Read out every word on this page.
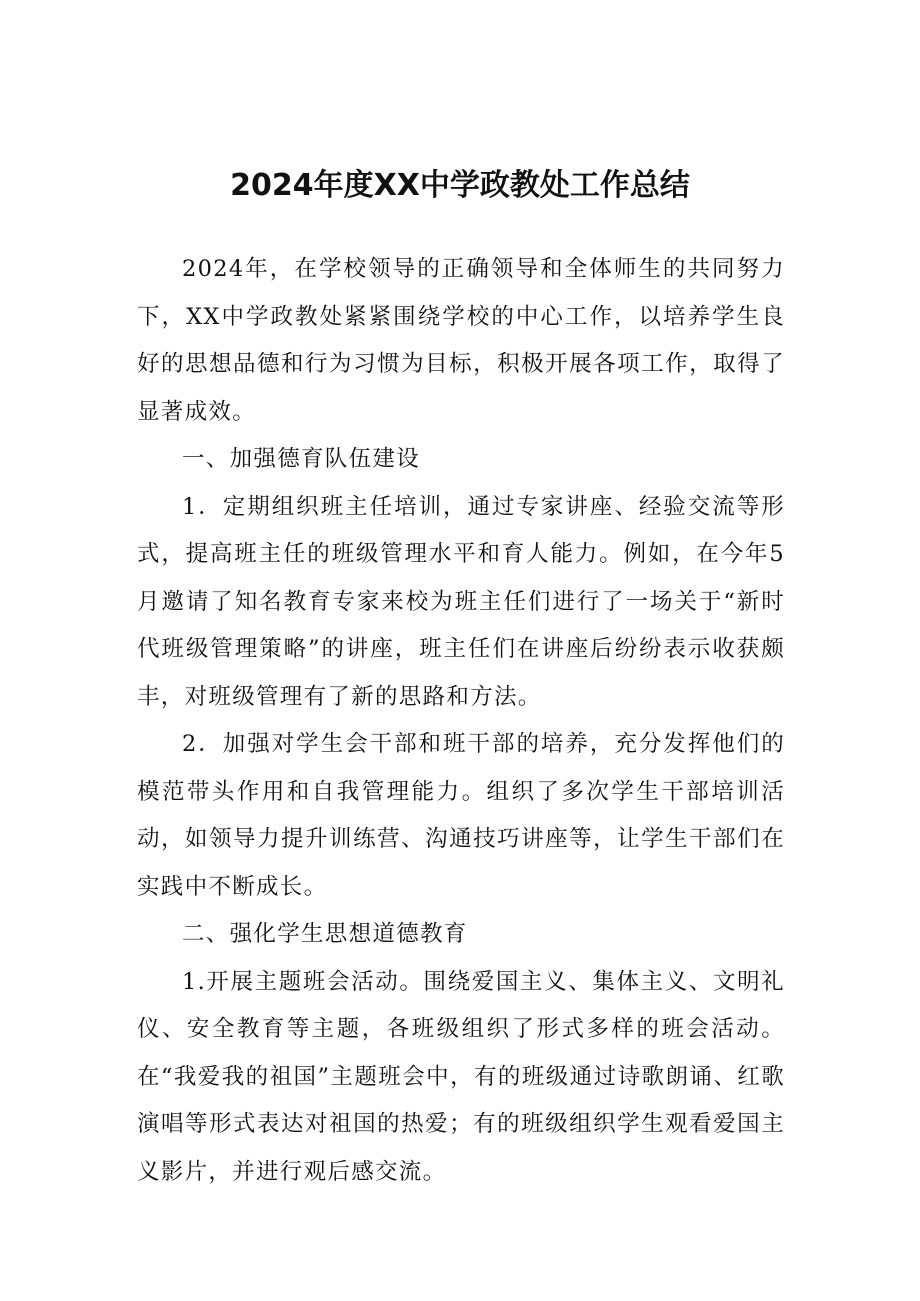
2024年度XX中学政教处工作总结

2024年，在学校领导的正确领导和全体师生的共同努力下，XX中学政教处紧紧围绕学校的中心工作，以培养学生良好的思想品德和行为习惯为目标，积极开展各项工作，取得了显著成效。

一、加强德育队伍建设

1．定期组织班主任培训，通过专家讲座、经验交流等形式，提高班主任的班级管理水平和育人能力。例如，在今年5月邀请了知名教育专家来校为班主任们进行了一场关于“新时代班级管理策略”的讲座，班主任们在讲座后纷纷表示收获颇丰，对班级管理有了新的思路和方法。

2．加强对学生会干部和班干部的培养，充分发挥他们的模范带头作用和自我管理能力。组织了多次学生干部培训活动，如领导力提升训练营、沟通技巧讲座等，让学生干部们在实践中不断成长。

二、强化学生思想道德教育

1.开展主题班会活动。围绕爱国主义、集体主义、文明礼仪、安全教育等主题，各班级组织了形式多样的班会活动。在“我爱我的祖国”主题班会中，有的班级通过诗歌朗诵、红歌演唱等形式表达对祖国的热爱；有的班级组织学生观看爱国主义影片，并进行观后感交流。
